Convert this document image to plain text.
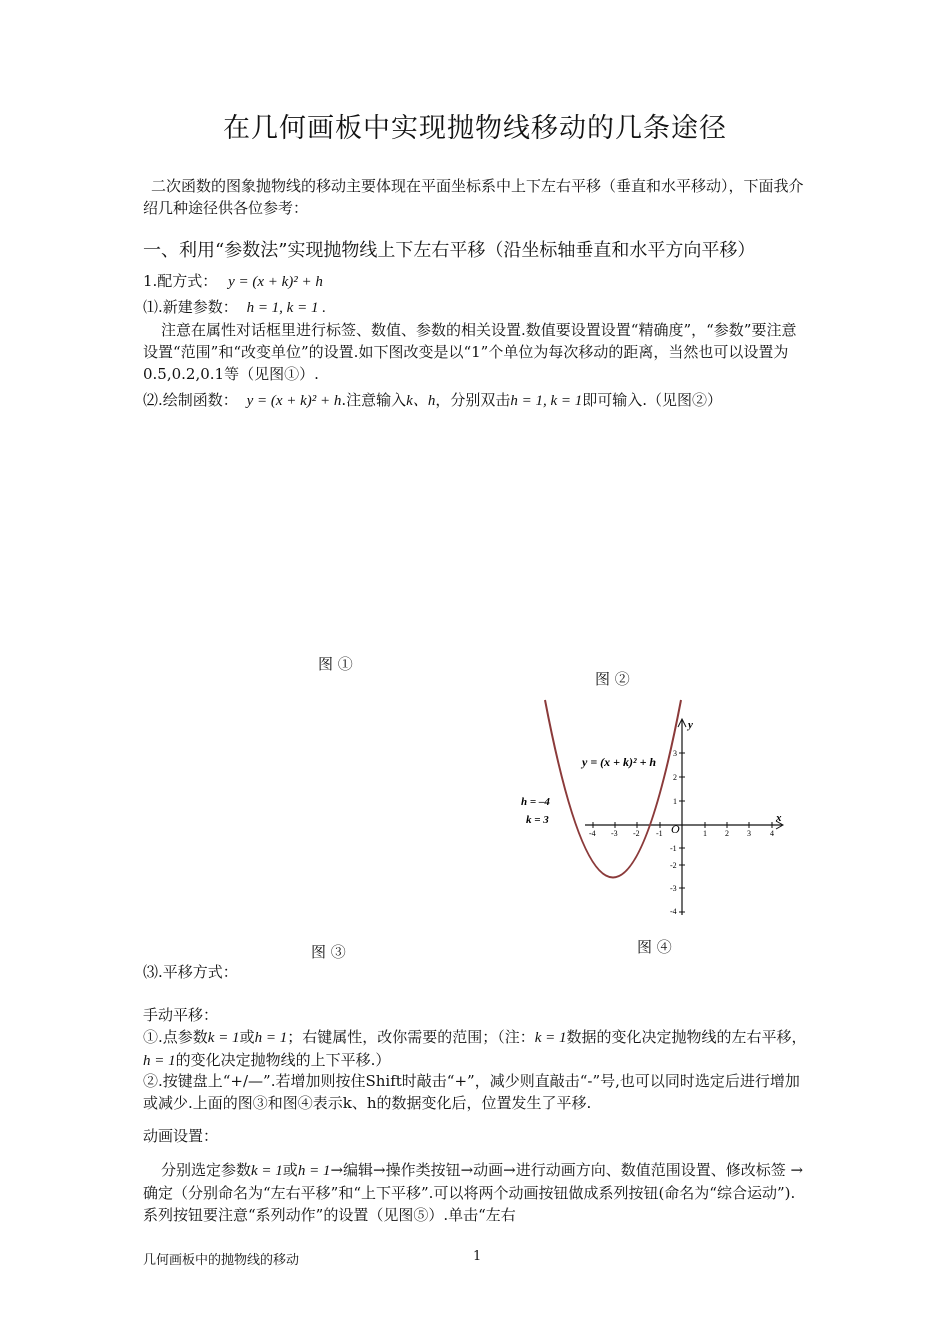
在几何画板中实现抛物线移动的几条途径
二次函数的图象抛物线的移动主要体现在平面坐标系中上下左右平移（垂直和水平移动），下面我介绍几种途径供各位参考：
一、利用“参数法”实现抛物线上下左右平移（沿坐标轴垂直和水平方向平移）
1.配方式： y = (x + k)² + h
⑴.新建参数： h = 1, k = 1 .
注意在属性对话框里进行标签、数值、参数的相关设置.数值要设置设置“精确度”，“参数”要注意设置“范围”和“改变单位”的设置.如下图改变是以“1”个单位为每次移动的距离，当然也可以设置为0.5,0.2,0.1等（见图①）.
⑵.绘制函数： y = (x + k)² + h.注意输入k、h，分别双击h = 1, k = 1即可输入.（见图②）
图 ①
图 ②
x
y
O
-4 -3 -2 -1	1 2 3 4
3
2
1
-1
-2
-3
-4
y = (x + k)² + h
h = –4
k = 3
图 ③	图 ④
⑶.平移方式：
手动平移：
①.点参数k = 1或h = 1；右键属性，改你需要的范围；（注：k = 1数据的变化决定抛物线的左右平移，h = 1的变化决定抛物线的上下平移.）
②.按键盘上“+/—”.若增加则按住Shift时敲击“+”，减少则直敲击“-”号,也可以同时选定后进行增加或减少.上面的图③和图④表示k、h的数据变化后，位置发生了平移.
动画设置：
分别选定参数k = 1或h = 1→编辑→操作类按钮→动画→进行动画方向、数值范围设置、修改标签 → 确定（分别命名为“左右平移”和“上下平移”.可以将两个动画按钮做成系列按钮(命名为“综合运动”).系列按钮要注意“系列动作”的设置（见图⑤）.单击“左右
几何画板中的抛物线的移动	1
